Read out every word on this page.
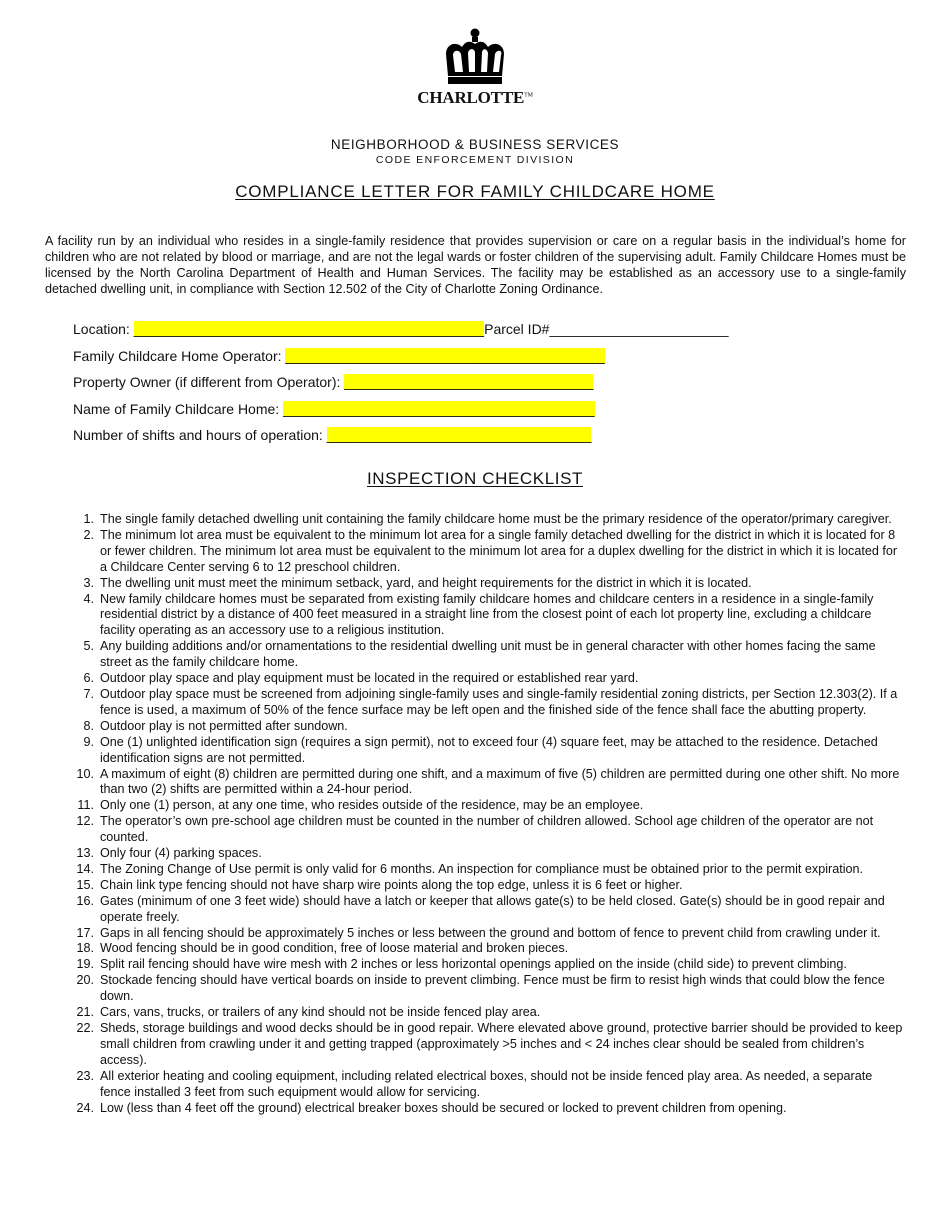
CHARLOTTE™
NEIGHBORHOOD & BUSINESS SERVICES
CODE ENFORCEMENT DIVISION
COMPLIANCE LETTER FOR FAMILY CHILDCARE HOME

A facility run by an individual who resides in a single-family residence that provides supervision or care on a regular basis in the individual’s home for children who are not related by blood or marriage, and are not the legal wards or foster children of the supervising adult. Family Childcare Homes must be licensed by the North Carolina Department of Health and Human Services. The facility may be established as an accessory use to a single-family detached dwelling unit, in compliance with Section 12.502 of the City of Charlotte Zoning Ordinance.

Location: _____________________________________________Parcel ID#_______________________
Family Childcare Home Operator: _________________________________________
Property Owner (if different from Operator): ________________________________
Name of Family Childcare Home: ________________________________________
Number of shifts and hours of operation: __________________________________
INSPECTION CHECKLIST
1 . The single family detached dwelling unit containing the family childcare home must be the primary residence of the operator/primary caregiver.
2 . The minimum lot area must be equivalent to the minimum lot area for a single family detached dwelling for the district in which it is located for 8 or fewer children. The minimum lot area must be equivalent to the minimum lot area for a duplex dwelling for the district in which it is located for a Childcare Center serving 6 to 12 preschool children.
3 . The dwelling unit must meet the minimum setback, yard, and height requirements for the district in which it is located.
4 . New family childcare homes must be separated from existing family childcare homes and childcare centers in a residence in a single-family residential district by a distance of 400 feet measured in a straight line from the closest point of each lot property line, excluding a childcare facility operating as an accessory use to a religious institution.
5 . Any building additions and/or ornamentations to the residential dwelling unit must be in general character with other homes facing the same street as the family childcare home.
6 . Outdoor play space and play equipment must be located in the required or established rear yard.
7 . Outdoor play space must be screened from adjoining single-family uses and single-family residential zoning districts, per Section 12.303(2). If a fence is used, a maximum of 50% of the fence surface may be left open and the finished side of the fence shall face the abutting property.
8 . Outdoor play is not permitted after sundown.
9 . One (1) unlighted identification sign (requires a sign permit), not to exceed four (4) square feet, may be attached to the residence. Detached identification signs are not permitted.
10 . A maximum of eight (8) children are permitted during one shift, and a maximum of five (5) children are permitted during one other shift. No more than two (2) shifts are permitted within a 24-hour period.
11 . Only one (1) person, at any one time, who resides outside of the residence, may be an employee.
12 . The operator’s own pre-school age children must be counted in the number of children allowed. School age children of the operator are not counted.
13 . Only four (4) parking spaces.
14 . The Zoning Change of Use permit is only valid for 6 months. An inspection for compliance must be obtained prior to the permit expiration.
15 . Chain link type fencing should not have sharp wire points along the top edge, unless it is 6 feet or higher.
16 . Gates (minimum of one 3 feet wide) should have a latch or keeper that allows gate(s) to be held closed. Gate(s) should be in good repair and operate freely.
17 . Gaps in all fencing should be approximately 5 inches or less between the ground and bottom of fence to prevent child from crawling under it.
18 . Wood fencing should be in good condition, free of loose material and broken pieces.
19 . Split rail fencing should have wire mesh with 2 inches or less horizontal openings applied on the inside (child side) to prevent climbing.
20 . Stockade fencing should have vertical boards on inside to prevent climbing. Fence must be firm to resist high winds that could blow the fence down.
21 . Cars, vans, trucks, or trailers of any kind should not be inside fenced play area.
22 . Sheds, storage buildings and wood decks should be in good repair. Where elevated above ground, protective barrier should be provided to keep small children from crawling under it and getting trapped (approximately >5 inches and < 24 inches clear should be sealed from children’s access).
23 . All exterior heating and cooling equipment, including related electrical boxes, should not be inside fenced play area. As needed, a separate fence installed 3 feet from such equipment would allow for servicing.
24 . Low (less than 4 feet off the ground) electrical breaker boxes should be secured or locked to prevent children from opening.
